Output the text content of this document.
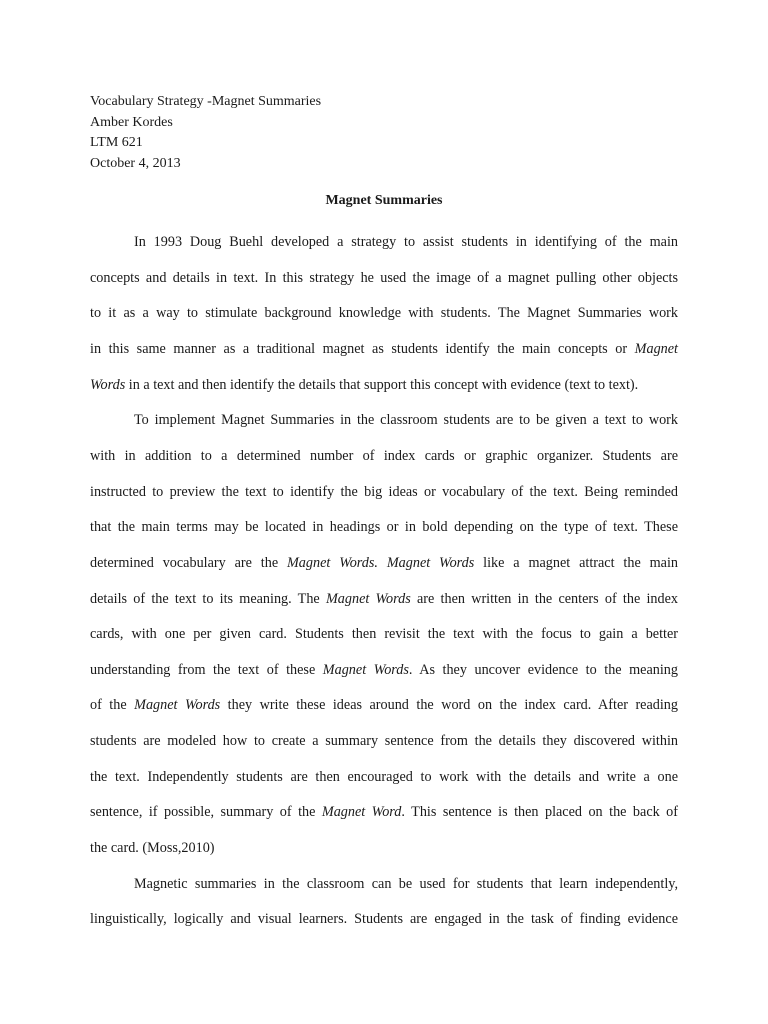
Vocabulary Strategy -Magnet Summaries
Amber Kordes
LTM 621
October 4, 2013
Magnet Summaries
In 1993 Doug Buehl developed a strategy to assist students in identifying of the main
concepts and details in text. In this strategy he used the image of a magnet pulling other objects
to it as a way to stimulate background knowledge with students. The Magnet Summaries work
in this same manner as a traditional magnet as students identify the main concepts or Magnet
Words in a text and then identify the details that support this concept with evidence (text to text).
To implement Magnet Summaries in the classroom students are to be given a text to work
with in addition to a determined number of index cards or graphic organizer. Students are
instructed to preview the text to identify the big ideas or vocabulary of the text. Being reminded
that the main terms may be located in headings or in bold depending on the type of text. These
determined vocabulary are the Magnet Words. Magnet Words like a magnet attract the main
details of the text to its meaning. The Magnet Words are then written in the centers of the index
cards, with one per given card. Students then revisit the text with the focus to gain a better
understanding from the text of these Magnet Words. As they uncover evidence to the meaning
of the Magnet Words they write these ideas around the word on the index card. After reading
students are modeled how to create a summary sentence from the details they discovered within
the text. Independently students are then encouraged to work with the details and write a one
sentence, if possible, summary of the Magnet Word. This sentence is then placed on the back of
the card. (Moss,2010)
Magnetic summaries in the classroom can be used for students that learn independently,
linguistically, logically and visual learners. Students are engaged in the task of finding evidence
